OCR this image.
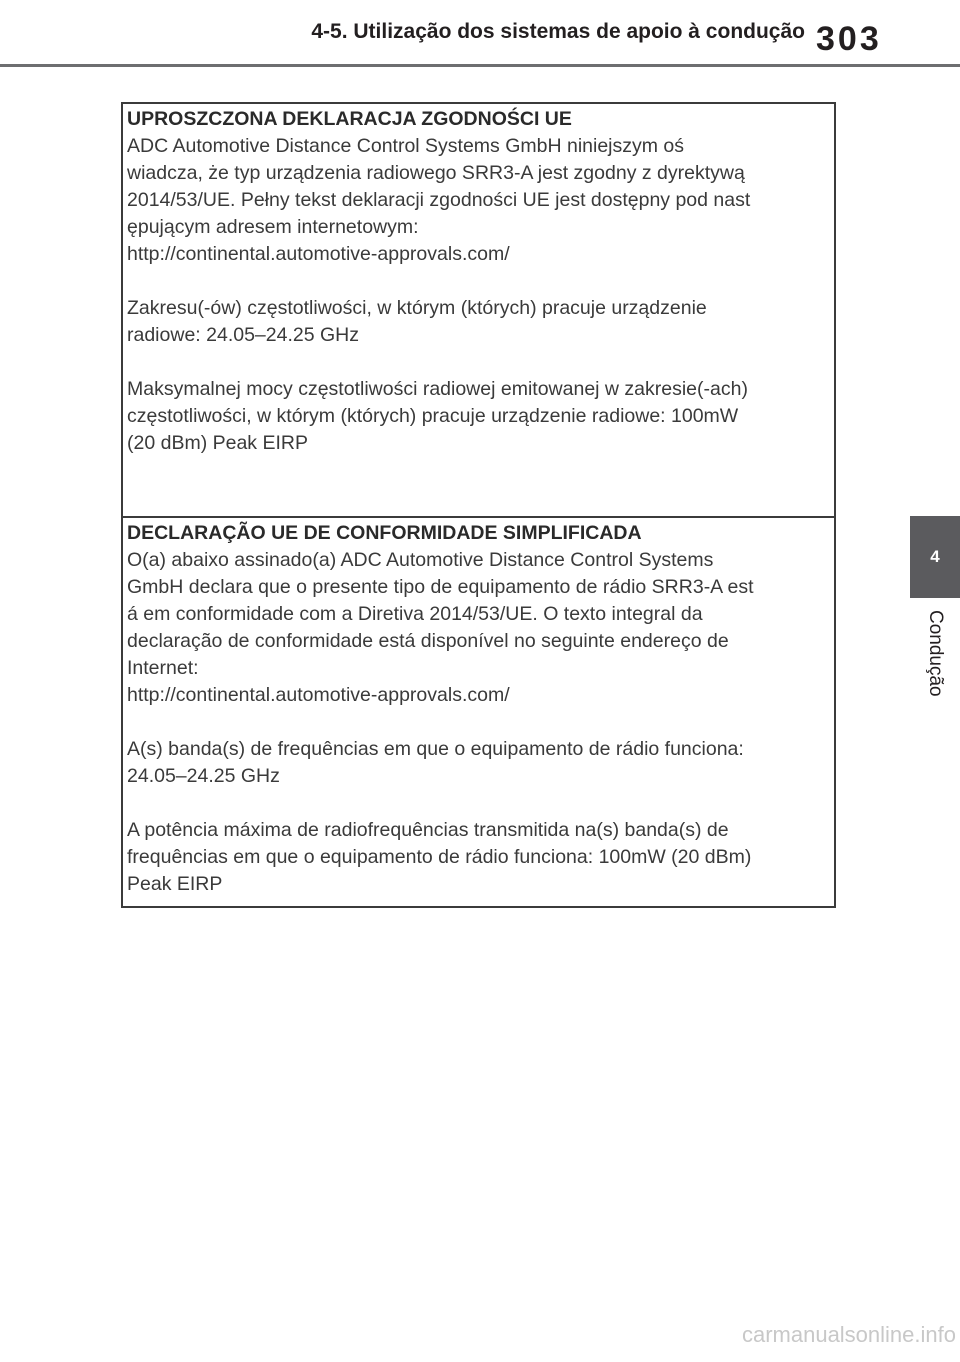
4-5. Utilização dos sistemas de apoio à condução 303
4
Condução
UPROSZCZONA DEKLARACJA ZGODNOŚCI UE

ADC Automotive Distance Control Systems GmbH niniejszym oś
wiadcza, że typ urządzenia radiowego SRR3-A jest zgodny z dyrektywą
2014/53/UE. Pełny tekst deklaracji zgodności UE jest dostępny pod nast
ępującym adresem internetowym:
http://continental.automotive-approvals.com/

Zakresu(-ów) częstotliwości, w którym (których) pracuje urządzenie
radiowe: 24.05–24.25 GHz

Maksymalnej mocy częstotliwości radiowej emitowanej w zakresie(-ach)
częstotliwości, w którym (których) pracuje urządzenie radiowe: 100mW
(20 dBm) Peak EIRP

DECLARAÇÃO UE DE CONFORMIDADE SIMPLIFICADA

O(a) abaixo assinado(a) ADC Automotive Distance Control Systems
GmbH declara que o presente tipo de equipamento de rádio SRR3-A est
á em conformidade com a Diretiva 2014/53/UE. O texto integral da
declaração de conformidade está disponível no seguinte endereço de
Internet:
http://continental.automotive-approvals.com/

A(s) banda(s) de frequências em que o equipamento de rádio funciona:
24.05–24.25 GHz

A potência máxima de radiofrequências transmitida na(s) banda(s) de
frequências em que o equipamento de rádio funciona: 100mW (20 dBm)
Peak EIRP

carmanualsonline.info
